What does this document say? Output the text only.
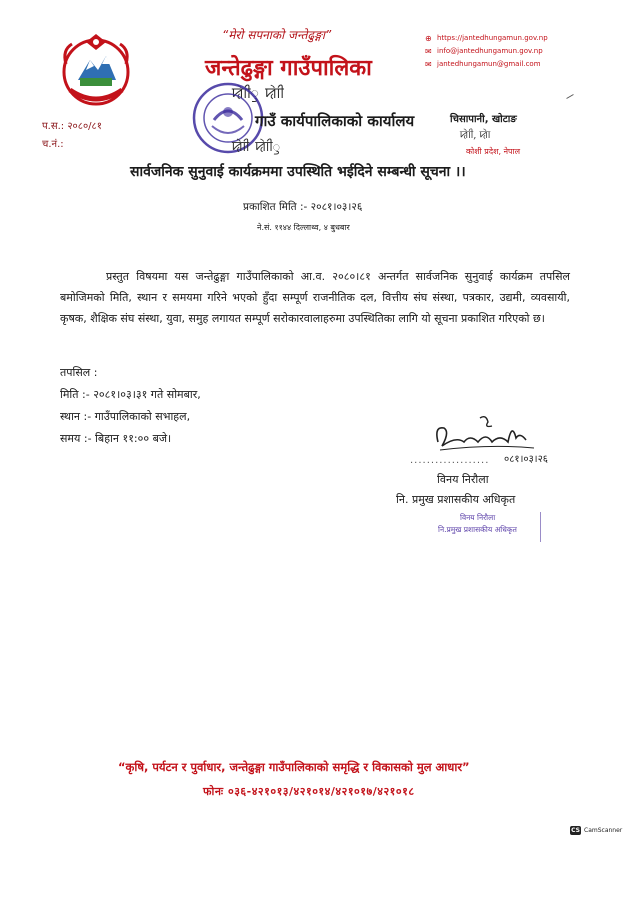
“मेरो सपनाको जन्तेढुङ्गा”
जन्तेढुङ्गा गाउँपालिका
ꠢꠦꠣꠤꠥ ꠢꠦꠣꠤ
गाउँ कार्यपालिकाको कार्यालय
ꠢꠦꠣꠤ ꠢꠦꠣꠤꠥ
⊕ https://jantedhungamun.gov.np
✉ info@jantedhungamun.gov.np
✉ jantedhungamun@gmail.com
चिसापानी, खोटाङ
ꠢꠦꠣꠤ, ꠢꠦꠣ
कोशी प्रदेश, नेपाल
प.स.: २०८०/८१
च.नं.:
सार्वजनिक सुनुवाई कार्यक्रममा उपस्थिति भईदिने सम्बन्धी सूचना ।।
प्रकाशित मिति :- २०८१।०३।२६
ने.सं. ११४४ दिल्लाथ्व, ४ बुधबार
प्रस्तुत विषयमा यस जन्तेढुङ्गा गाउँपालिकाको आ.व. २०८०।८१ अन्तर्गत सार्वजनिक सुनुवाई कार्यक्रम तपसिल बमोजिमको मिति, स्थान र समयमा गरिने भएको हुँदा सम्पूर्ण राजनीतिक दल, वित्तीय संघ संस्था, पत्रकार, उद्यमी, व्यवसायी, कृषक, शैक्षिक संघ संस्था, युवा, समुह लगायत सम्पूर्ण सरोकारवालाहरुमा उपस्थितिका लागि यो सूचना प्रकाशित गरिएको छ।
तपसिल :
मिति :- २०८१।०३।३१ गते सोमबार,
स्थान :- गाउँपालिकाको सभाहल,
समय :- बिहान ११:०० बजे।
०८१।०३।२६
...................
विनय निरौला
नि. प्रमुख प्रशासकीय अधिकृत
विनय निरौला
नि.प्रमुख प्रशासकीय अधिकृत
“कृषि, पर्यटन र पुर्वाधार, जन्तेढुङ्गा गाउँपालिकाको समृद्धि र विकासको मुल आधार”
फोनः ०३६-४२१०१३/४२१०१४/४२१०१७/४२१०१८
CS CamScanner
